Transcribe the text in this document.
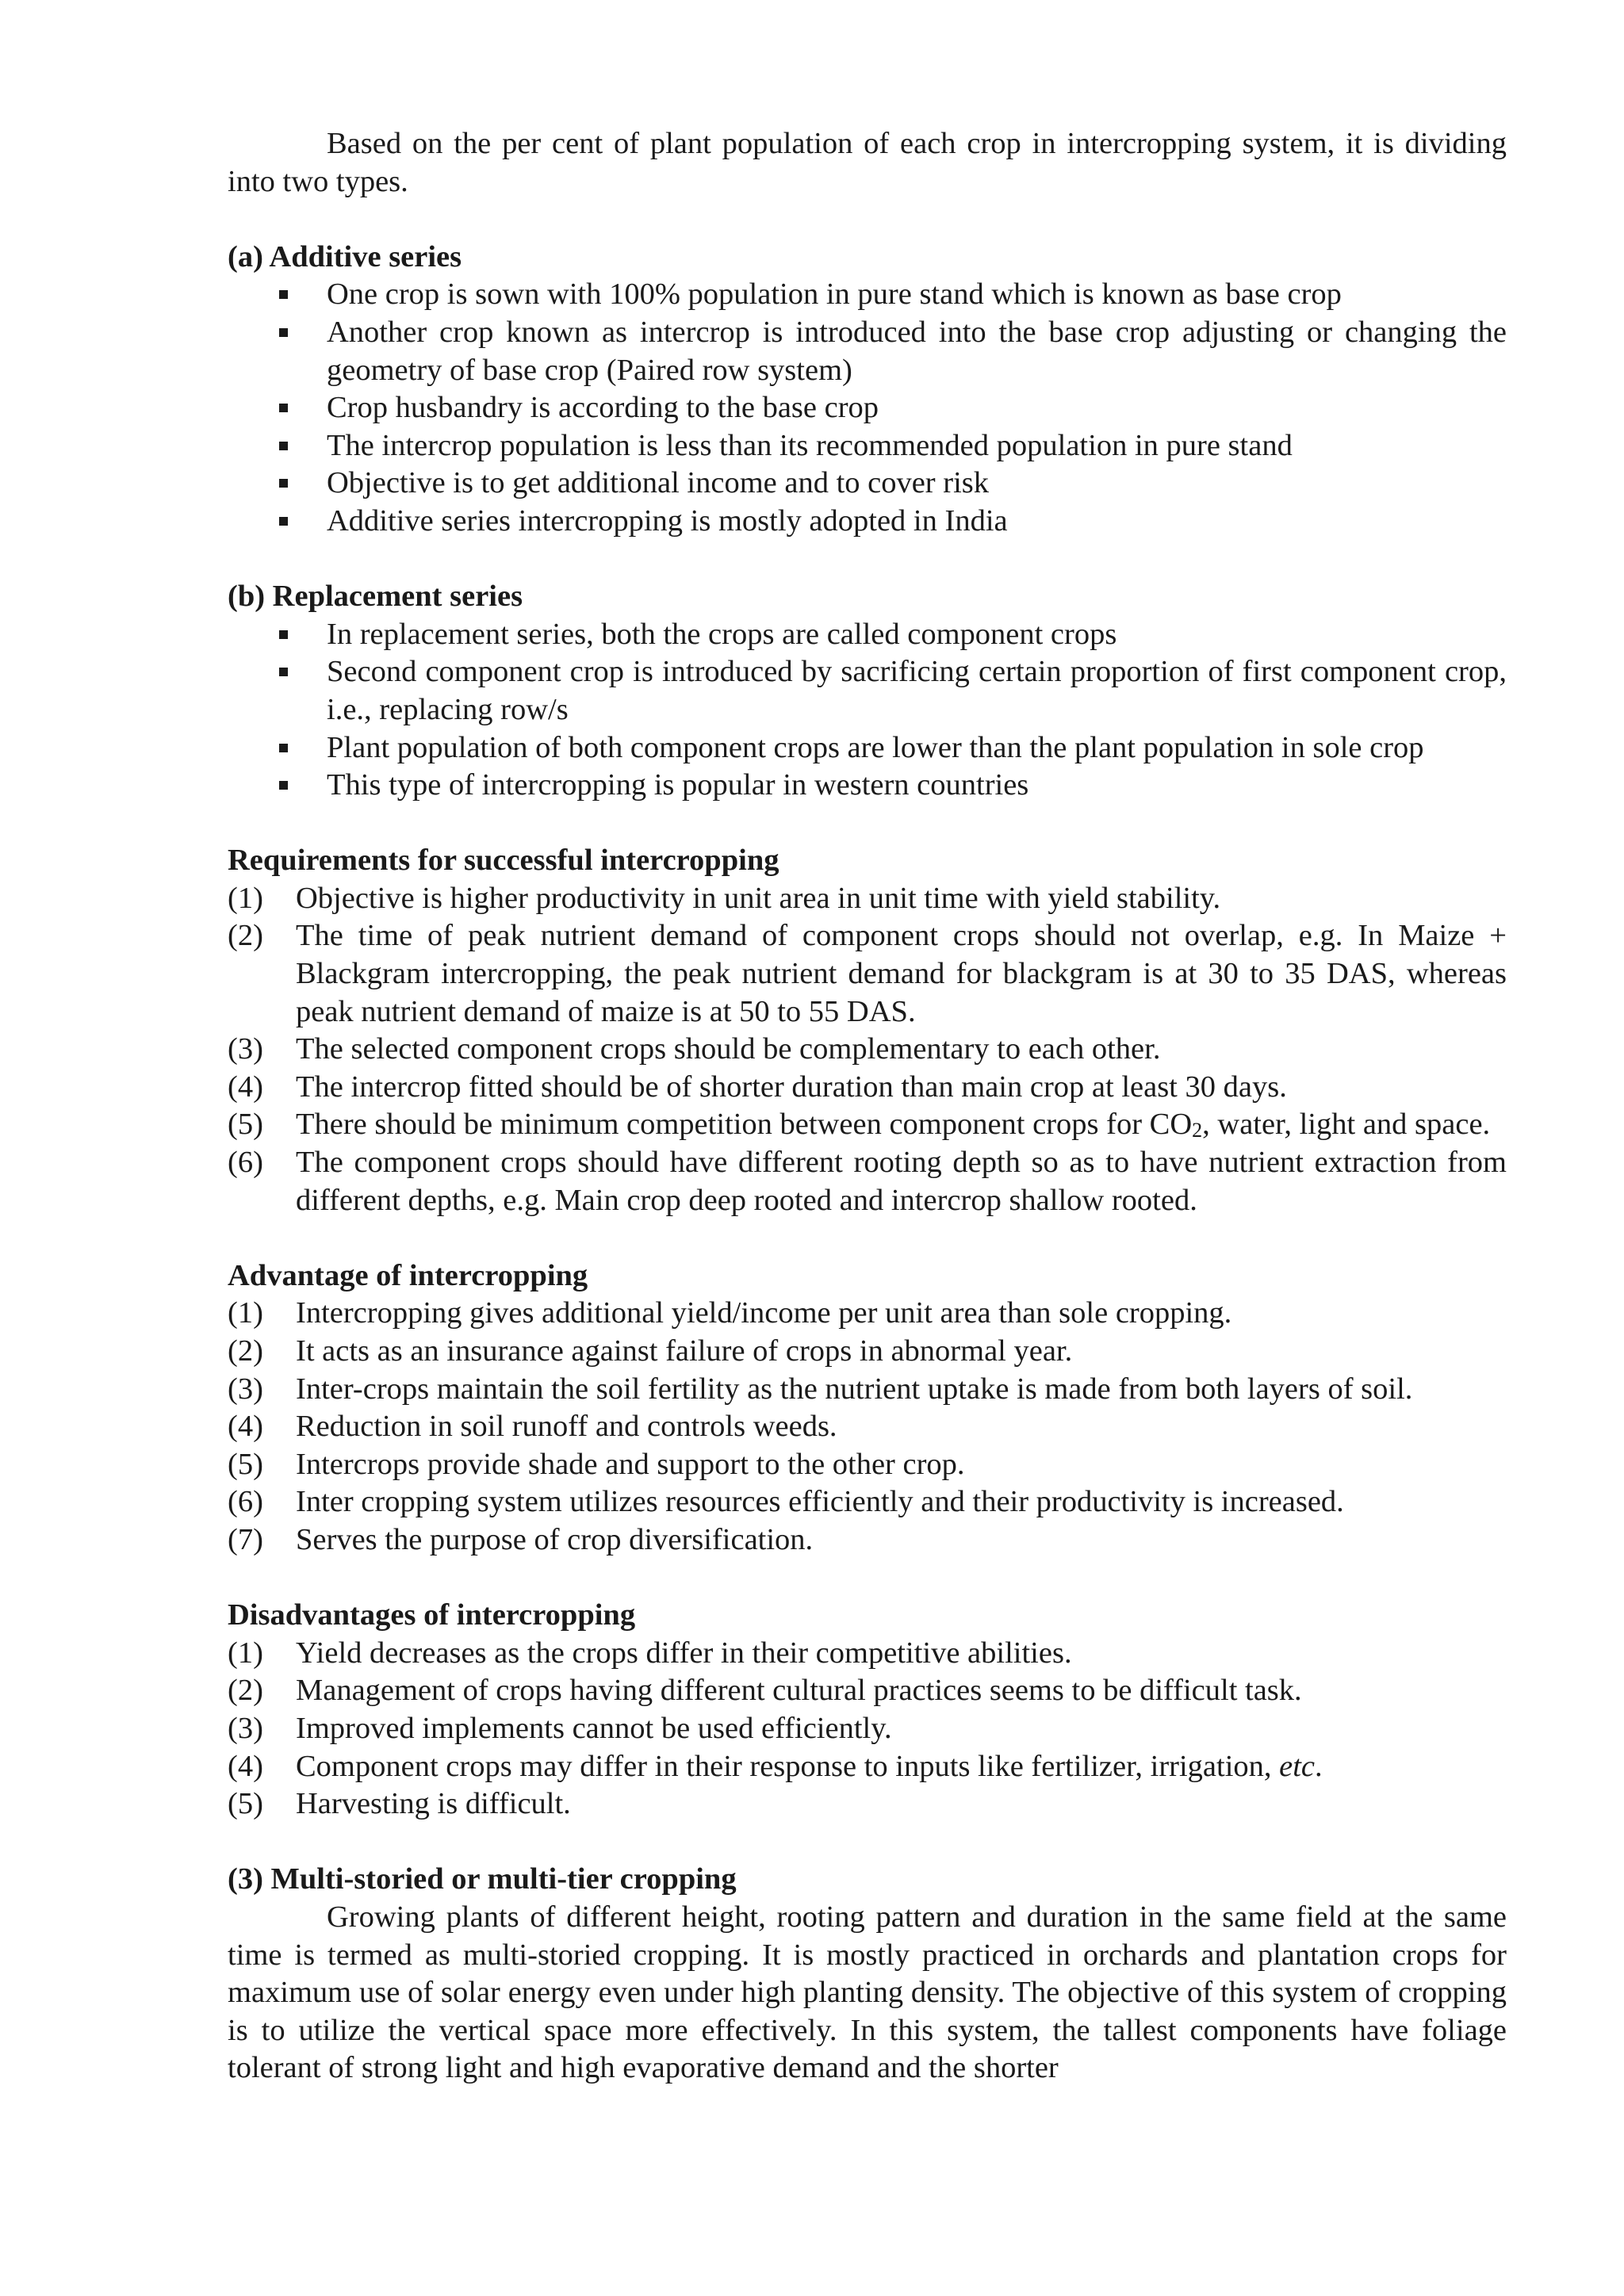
Based on the per cent of plant population of each crop in intercropping system, it is dividing into two types.

(a) Additive series

One crop is sown with 100% population in pure stand which is known as base crop
Another crop known as intercrop is introduced into the base crop adjusting or changing the geometry of base crop (Paired row system)
Crop husbandry is according to the base crop
The intercrop population is less than its recommended population in pure stand
Objective is to get additional income and to cover risk
Additive series intercropping is mostly adopted in India

(b) Replacement series

In replacement series, both the crops are called component crops
Second component crop is introduced by sacrificing certain proportion of first component crop, i.e., replacing row/s
Plant population of both component crops are lower than the plant population in sole crop
This type of intercropping is popular in western countries

Requirements for successful intercropping

(1) Objective is higher productivity in unit area in unit time with yield stability.
(2) The time of peak nutrient demand of component crops should not overlap, e.g. In Maize + Blackgram intercropping, the peak nutrient demand for blackgram is at 30 to 35 DAS, whereas peak nutrient demand of maize is at 50 to 55 DAS.
(3) The selected component crops should be complementary to each other.
(4) The intercrop fitted should be of shorter duration than main crop at least 30 days.
(5) There should be minimum competition between component crops for $CO_2$, water, light and space.
(6) The component crops should have different rooting depth so as to have nutrient extraction from different depths, e.g. Main crop deep rooted and intercrop shallow rooted.

Advantage of intercropping

(1) Intercropping gives additional yield/income per unit area than sole cropping.
(2) It acts as an insurance against failure of crops in abnormal year.
(3) Inter-crops maintain the soil fertility as the nutrient uptake is made from both layers of soil.
(4) Reduction in soil runoff and controls weeds.
(5) Intercrops provide shade and support to the other crop.
(6) Inter cropping system utilizes resources efficiently and their productivity is increased.
(7) Serves the purpose of crop diversification.

Disadvantages of intercropping

(1) Yield decreases as the crops differ in their competitive abilities.
(2) Management of crops having different cultural practices seems to be difficult task.
(3) Improved implements cannot be used efficiently.
(4) Component crops may differ in their response to inputs like fertilizer, irrigation, etc.
(5) Harvesting is difficult.

(3) Multi-storied or multi-tier cropping

Growing plants of different height, rooting pattern and duration in the same field at the same time is termed as multi-storied cropping. It is mostly practiced in orchards and plantation crops for maximum use of solar energy even under high planting density. The objective of this system of cropping is to utilize the vertical space more effectively. In this system, the tallest components have foliage tolerant of strong light and high evaporative demand and the shorter
